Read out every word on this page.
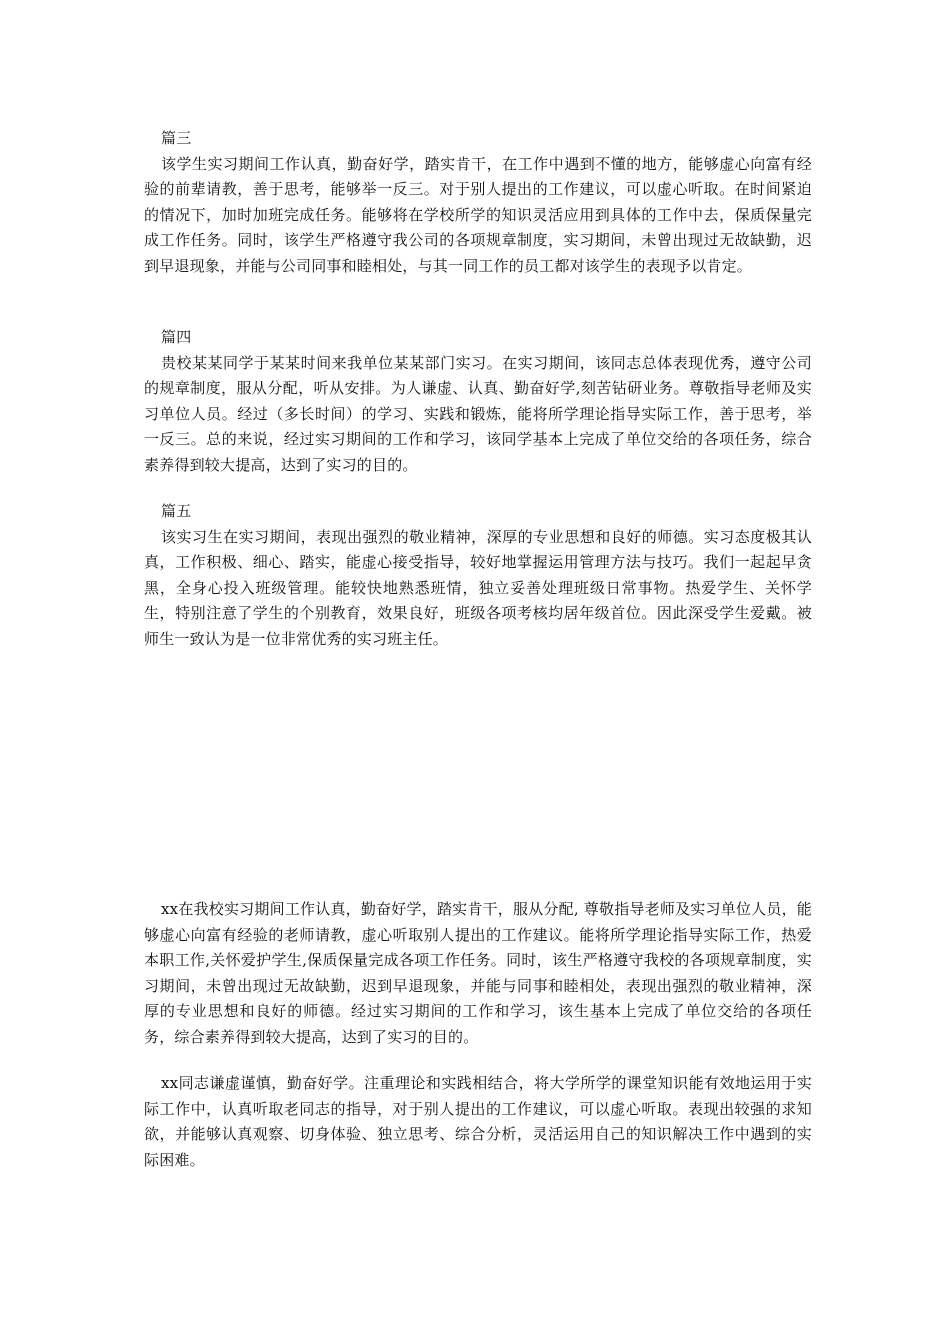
篇三

该学生实习期间工作认真，勤奋好学，踏实肯干，在工作中遇到不懂的地方，能够虚心向富有经验的前辈请教，善于思考，能够举一反三。对于别人提出的工作建议，可以虚心听取。在时间紧迫的情况下，加时加班完成任务。能够将在学校所学的知识灵活应用到具体的工作中去，保质保量完成工作任务。同时，该学生严格遵守我公司的各项规章制度，实习期间，未曾出现过无故缺勤，迟到早退现象，并能与公司同事和睦相处，与其一同工作的员工都对该学生的表现予以肯定。

篇四

贵校某某同学于某某时间来我单位某某部门实习。在实习期间，该同志总体表现优秀，遵守公司的规章制度，服从分配，听从安排。为人谦虚、认真、勤奋好学,刻苦钻研业务。尊敬指导老师及实习单位人员。经过（多长时间）的学习、实践和锻炼，能将所学理论指导实际工作，善于思考，举一反三。总的来说，经过实习期间的工作和学习，该同学基本上完成了单位交给的各项任务，综合素养得到较大提高，达到了实习的目的。

篇五

该实习生在实习期间，表现出强烈的敬业精神，深厚的专业思想和良好的师德。实习态度极其认真，工作积极、细心、踏实，能虚心接受指导，较好地掌握运用管理方法与技巧。我们一起起早贪黑，全身心投入班级管理。能较快地熟悉班情，独立妥善处理班级日常事物。热爱学生、关怀学生，特别注意了学生的个别教育，效果良好，班级各项考核均居年级首位。因此深受学生爱戴。被师生一致认为是一位非常优秀的实习班主任。

xx在我校实习期间工作认真，勤奋好学，踏实肯干，服从分配, 尊敬指导老师及实习单位人员，能够虚心向富有经验的老师请教，虚心听取别人提出的工作建议。能将所学理论指导实际工作，热爱本职工作,关怀爱护学生,保质保量完成各项工作任务。同时，该生严格遵守我校的各项规章制度，实习期间，未曾出现过无故缺勤，迟到早退现象，并能与同事和睦相处，表现出强烈的敬业精神，深厚的专业思想和良好的师德。经过实习期间的工作和学习，该生基本上完成了单位交给的各项任务，综合素养得到较大提高，达到了实习的目的。

xx同志谦虚谨慎，勤奋好学。注重理论和实践相结合，将大学所学的课堂知识能有效地运用于实际工作中，认真听取老同志的指导，对于别人提出的工作建议，可以虚心听取。表现出较强的求知欲，并能够认真观察、切身体验、独立思考、综合分析，灵活运用自己的知识解决工作中遇到的实际困难。
